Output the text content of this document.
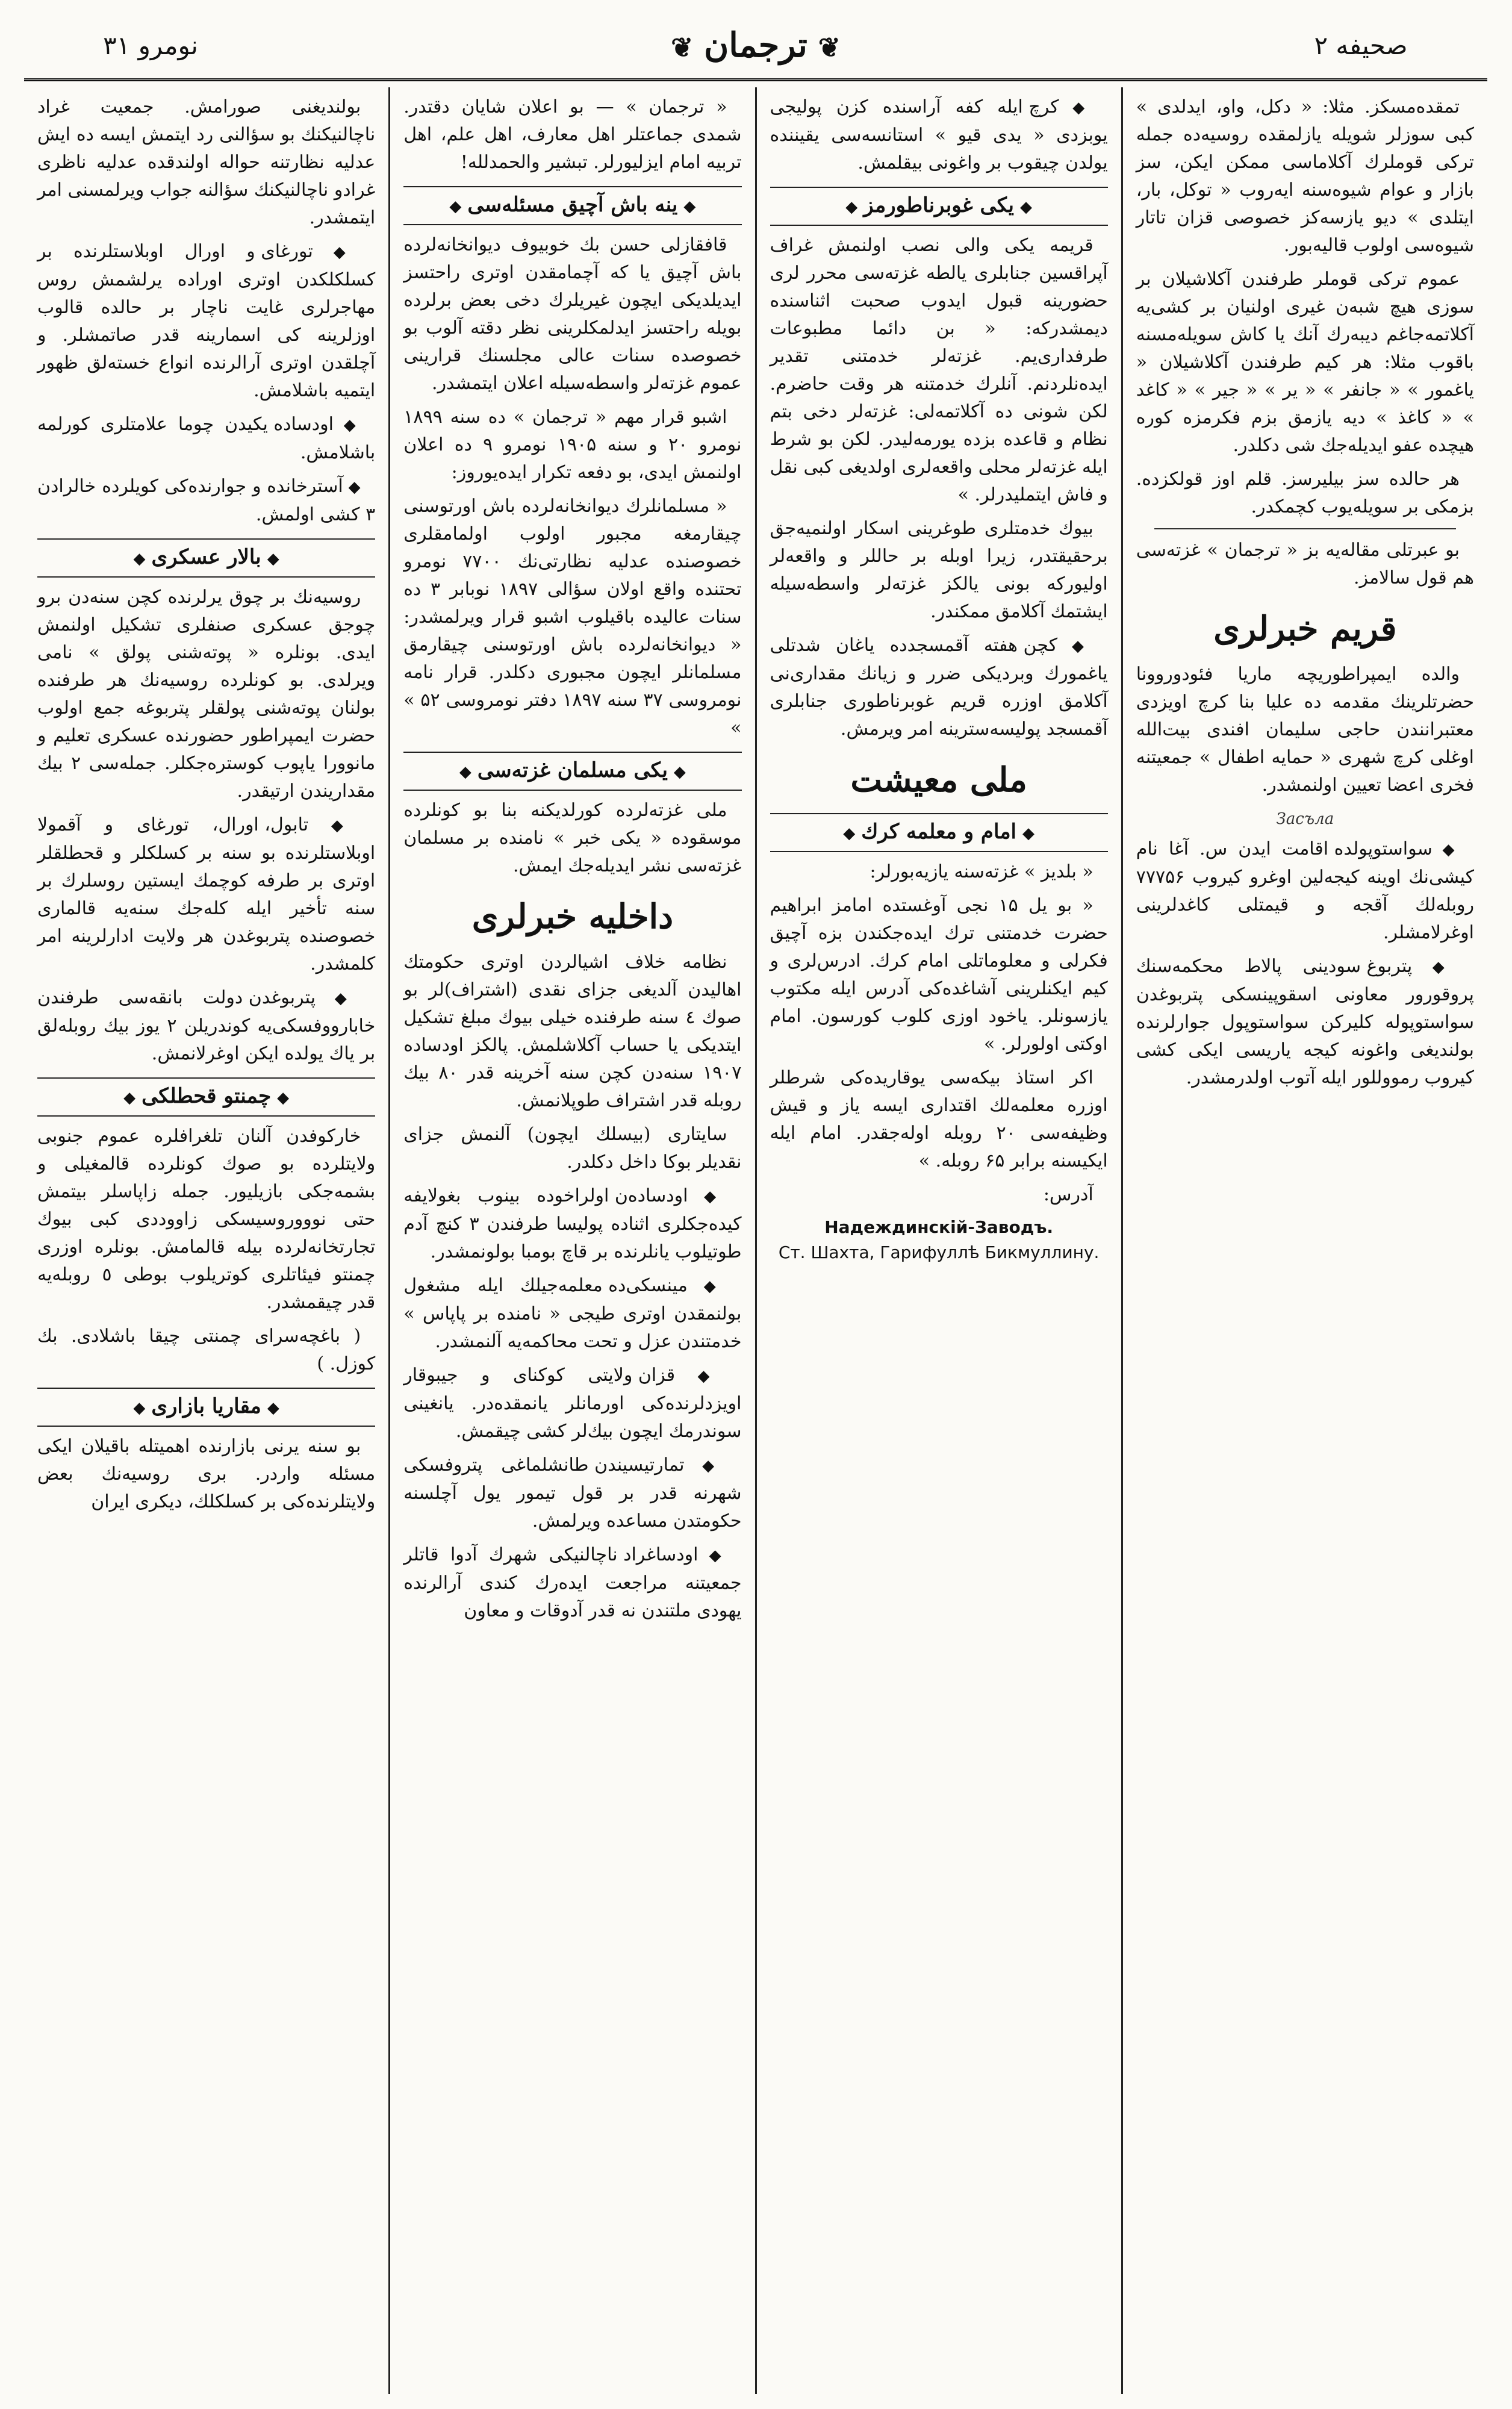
صحیفه ۲
❦ترجمان❦
نومرو ۳۱

تمقده‌مسکز. مثلا: « دکل، واو، ایدلدی » کبی سوزلر شویله یازلمقده روسیه‌ده جمله ترکی قوملرك آکلاماسی ممکن ایکن، سز بازار و عوام شیوه‌سنه ایه‌روب « توکل، بار، ایتلدی » دیو یازسه‌کز خصوصی قزان تاتار شیوه‌سی اولوب قالیه‌بور.

عموم ترکی قوملر طرفندن آکلاشیلان بر سوزی هیچ شبه‌ن غیری اولنیان بر کشی‌یه آکلاتمه‌جاغم دیبه‌رك آنك یا کاش سویله‌مسنه باقوب مثلا: هر کیم طرفندن آکلاشیلان « یاغمور » « جانفر » « یر » « جیر » « کاغد » « کاغذ » دیه یازمق بزم فکرمزه کوره هیچده عفو ایدیله‌جك شی دکلدر.

هر حالده سز بیلیرسز. قلم اوز قولکزده. بزمکی بر سویله‌یوب کچمکدر.

بو عبرتلی مقاله‌یه بز « ترجمان » غزته‌سی هم قول سالامز.

قریم خبرلری

والده ایمپراطوریچه ماریا فئودوروونا حضرتلرینك مقدمه ده علیا بنا کرچ اویزدی معتبرانندن حاجی سلیمان افندی بیت‌الله اوغلی کرچ شهری « حمایه اطفال » جمعیتنه فخری اعضا تعیین اولنمشدر.

Засъла

◆ سواستوپولده اقامت ایدن س. آغا نام کیشی‌نك اوینه کیجه‌لین اوغرو کیروب ۷۷۷۵۶ روبله‌لك آقجه و قیمتلی کاغدلرینی اوغرلامشلر.

◆ پتربوغ سودینی پالاط محکمه‌سنك پروقورور معاونی اسقوپینسکی پتربوغدن سواستوپوله کلیرکن سواستوپول جوارلرنده بولندیغی واغونه کیجه یاریسی ایکی کشی کیروب رمووللور ایله آتوب اولدرمشدر.

◆ کرچ ایله کفه آراسنده کزن پولیجی یوبزدی « یدی قیو » استانسه‌سی یقیننده یولدن چیقوب بر واغونی بیقلمش.

◆یکی غوبرناطورمز◆

قریمه یکی والی نصب اولنمش غراف آپراقسین جنابلری یالطه غزته‌سی محرر لری حضورینه قبول ایدوب صحبت اثناسنده دیمشدرکه: « بن دائما مطبوعات طرفداری‌یم. غزته‌لر خدمتنی تقدیر ایده‌نلردنم. آنلرك خدمتنه هر وقت حاضرم. لکن شونی ده آکلاتمه‌لی: غزته‌لر دخی بتم نظام و قاعده بزده یورمه‌لیدر. لکن بو شرط ایله غزته‌لر محلی واقعه‌لری اولدیغی کبی نقل و فاش ایتملیدرلر. »

بیوك خدمتلری طوغرینی اسکار اولنمیه‌جق برحقیقتدر، زیرا اوبله بر حاللر و واقعه‌لر اولیورکه بونی یالکز غزته‌لر واسطه‌سیله ایشتمك آکلامق ممکندر.

◆ کچن هفته آقمسجدده یاغان شدتلی یاغمورك وبردیکی ضرر و زیانك مقداری‌نی آکلامق اوزره قریم غوبرناطوری جنابلری آقمسجد پولیسه‌سترینه امر ویرمش.

ملی معیشت
◆امام و معلمه کرك◆

« بلدیز » غزته‌سنه یازیه‌بورلر:

« بو یل ۱۵ نجی آوغستده امامز ابراهیم حضرت خدمتنی ترك ایده‌جکندن بزه آچیق فکرلی و معلوماتلی امام کرك. ادرس‌لری و کیم ایکنلرینی آشاغده‌کی آدرس ایله مکتوب یازسونلر. یاخود اوزی کلوب کورسون. امام اوکتی اولورلر. »

اکر استاذ بیکه‌سی یوقاریده‌کی شرطلر اوزره معلمه‌لك اقتداری ایسه یاز و قیش وظیفه‌سی ۲۰ روبله اوله‌جقدر. امام ایله ایکیسنه برابر ۶۵ روبله. »

آدرس:

Надеждинскій-Заводъ.
Ст. Шахта, Гарифуллѣ Бикмуллину.

« ترجمان » — بو اعلان شایان دقتدر. شمدی جماعتلر اهل معارف، اهل علم، اهل تربیه امام ایزلیورلر. تبشیر والحمدلله!

◆ینه باش آچیق مسئله‌سی◆

قافقازلی حسن بك خوبیوف دیوانخانه‌لرده باش آچیق یا که آچمامقدن اوتری راحتسز ایدیلدیکی ایچون غیریلرك دخی بعض برلرده بویله راحتسز ایدلمکلرینی نظر دقته آلوب بو خصوصده سنات عالی مجلسنك قرارینی عموم غزته‌لر واسطه‌سیله اعلان ایتمشدر.

اشبو قرار مهم « ترجمان » ده سنه ۱۸۹۹ نومرو ۲۰ و سنه ۱۹۰۵ نومرو ۹ ده اعلان اولنمش ایدی، بو دفعه تکرار ایده‌یوروز:

« مسلمانلرك دیوانخانه‌لرده باش اورتوسنی چیقارمغه مجبور اولوب اولمامقلری خصوصنده عدلیه نظارتی‌نك ۷۷۰۰ نومرو تحتنده واقع اولان سؤالی ۱۸۹۷ نوبابر ۳ ده سنات عالیده باقیلوب اشبو قرار ویرلمشدر: « دیوانخانه‌لرده باش اورتوسنی چیقارمق مسلمانلر ایچون مجبوری دکلدر. قرار نامه نومروسی ۳۷ سنه ۱۸۹۷ دفتر نومروسی ۵۲ » »

◆یکی مسلمان غزته‌سی◆

ملی غزته‌لرده کورلدیکنه بنا بو کونلرده موسقوده « یکی خبر » نامنده بر مسلمان غزته‌سی نشر ایدیله‌جك ایمش.

داخلیه خبرلری

نظامه خلاف اشیالردن اوتری حکومتك اهالیدن آلدیغی جزای نقدی (اشتراف)لر بو صوك ٤ سنه طرفنده خیلی بیوك مبلغ تشکیل ایتدیکی یا حساب آکلاشلمش. پالکز اودساده ۱۹۰۷ سنه‌دن کچن سنه آخرینه قدر ۸۰ بیك روبله قدر اشتراف طوپلانمش.

سایتاری (بیسلك ایچون) آلنمش جزای نقدیلر بوکا داخل دکلدر.

◆ اودساده‌ن اولراخوده بینوب بغولایفه کیده‌جکلری اثناده پولیسا طرفندن ۳ کنچ آدم طوتیلوب یانلرنده بر قاچ بومبا بولونمشدر.

◆ مینسکی‌ده معلمه‌جیلك ایله مشغول بولنمقدن اوتری طیجی « نامنده بر پاپاس » خدمتندن عزل و تحت محاکمه‌یه آلنمشدر.

◆ قزان ولایتی کوکنای و جیبوقار اویزدلرنده‌کی اورمانلر یانمقده‌در. یانغینی سوندرمك ایچون بیك‌لر کشی چیقمش.

◆ تمارتیسیندن طانشلماغی پتروفسکی شهرنه قدر بر قول تیمور یول آچلسنه حکومتدن مساعده ویرلمش.

◆ اودساغراد ناچالنیکی شهرك آدوا قاتلر جمعیتنه مراجعت ایده‌رك کندی آرالرنده یهودی ملتندن نه قدر آدوقات و معاون

بولندیغنی صورامش. جمعیت غراد ناچالنیکنك بو سؤالنی رد ایتمش ایسه ده ایش عدلیه نظارتنه حواله اولندقده عدلیه ناظری غرادو ناچالنیکنك سؤالنه جواب ویرلمسنی امر ایتمشدر.

◆ تورغای و اورال اوبلاستلرنده بر کسلکلکدن اوتری اوراده یرلشمش روس مهاجرلری غایت ناچار بر حالده قالوب اوزلرینه کی اسمارینه قدر صاتمشلر. و آچلقدن اوتری آرالرنده انواع خسته‌لق ظهور ایتمیه باشلامش.

◆ اودساده یکیدن چوما علامتلری کورلمه باشلامش.

◆ آسترخانده و جوارنده‌کی کویلرده خالرادن ۳ کشی اولمش.

◆بالار عسکری◆

روسیه‌نك بر چوق یرلرنده کچن سنه‌دن برو چوجق عسکری صنفلری تشکیل اولنمش ایدی. بونلره « پوته‌شنی پولق » نامی ویرلدی. بو کونلرده روسیه‌نك هر طرفنده بولنان پوته‌شنی پولقلر پتربوغه جمع اولوب حضرت ایمپراطور حضورنده عسکری تعلیم و مانوورا یاپوب کوستره‌جکلر. جمله‌سی ۲ بیك مقداریندن ارتیقدر.

◆ تابول، اورال، تورغای و آقمولا اوبلاستلرنده بو سنه بر کسلکلر و قحطلقلر اوتری بر طرفه کوچمك ایستین روسلرك بر سنه تأخیر ایله کله‌جك سنه‌یه قالماری خصوصنده پتربوغدن هر ولایت ادارلرینه امر کلمشدر.

◆ پتربوغدن دولت بانقه‌سی طرفندن خابارووفسکی‌یه کوندریلن ۲ یوز بیك روبله‌لق بر یاك یولده ایکن اوغرلانمش.

◆چمنتو قحطلکی◆

خارکوفدن آلنان تلغرافلره عموم جنوبی ولایتلرده بو صوك کونلرده قالمغیلی و بشمه‌جکی بازیلیور. جمله زاپاسلر بیتمش حتی نوووروسیسکی زاووددی کبی بیوك تجارتخانه‌لرده بیله قالمامش. بونلره اوزری چمنتو فیئاتلری کوتریلوب بوطی ٥ روبله‌یه قدر چیقمشدر.

( باغچه‌سرای چمنتی چیقا باشلادی. بك کوزل. )

◆مقاریا بازاری◆

بو سنه یرنی بازارنده اهمیتله باقیلان ایکی مسئله واردر. بری روسیه‌نك بعض ولایتلرنده‌کی بر کسلکلك، دیکری ایران
